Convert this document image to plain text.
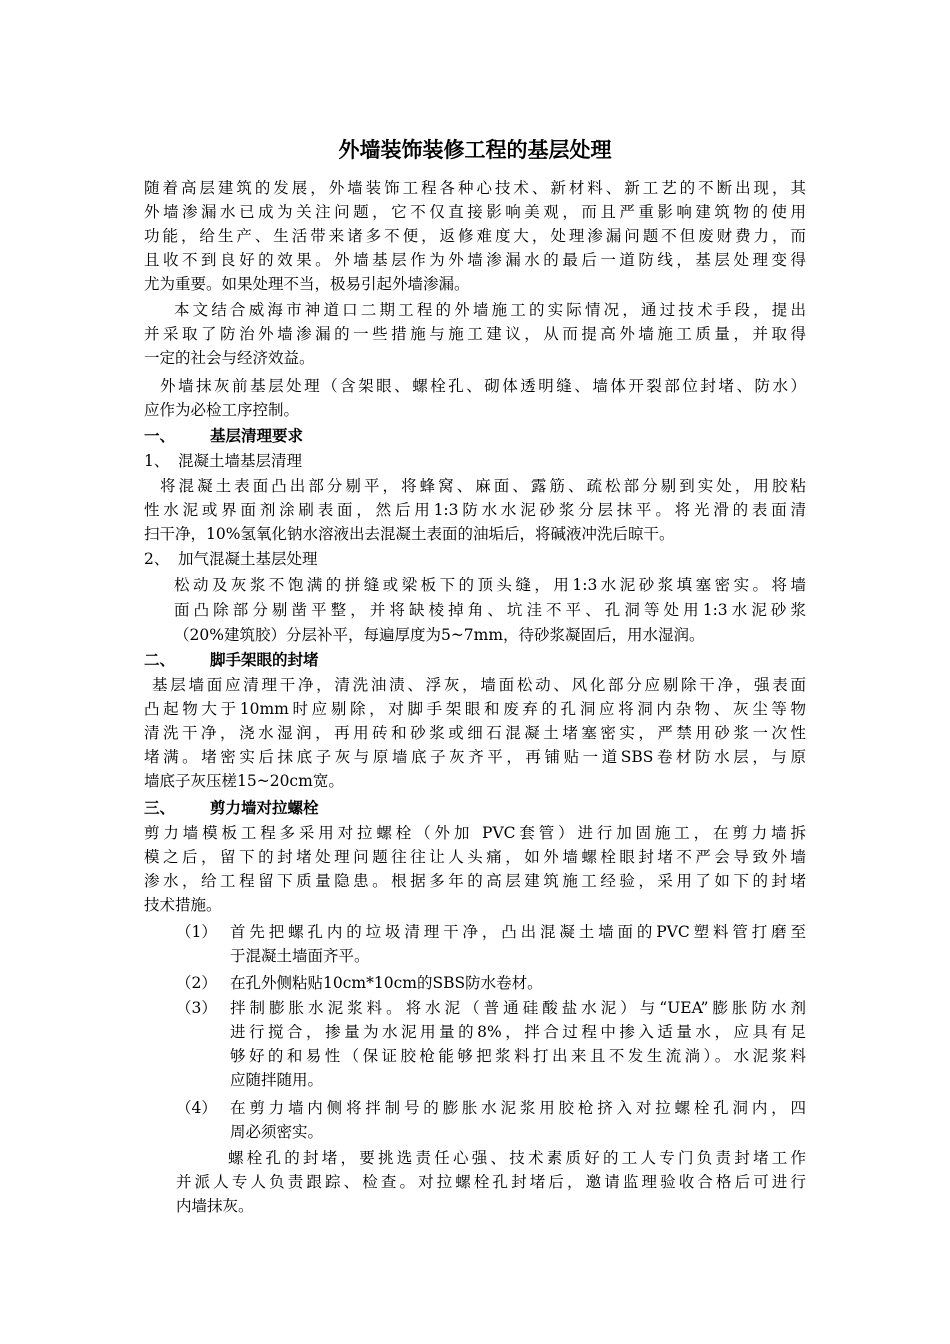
外墙装饰装修工程的基层处理
随着高层建筑的发展，外墙装饰工程各种心技术、新材料、新工艺的不断出现，其
外墙渗漏水已成为关注问题，它不仅直接影响美观，而且严重影响建筑物的使用
功能，给生产、生活带来诸多不便，返修难度大，处理渗漏问题不但废财费力，而
且收不到良好的效果。外墙基层作为外墙渗漏水的最后一道防线，基层处理变得
尤为重要。如果处理不当，极易引起外墙渗漏。
本文结合威海市神道口二期工程的外墙施工的实际情况，通过技术手段，提出
并采取了防治外墙渗漏的一些措施与施工建议，从而提高外墙施工质量，并取得
一定的社会与经济效益。
外墙抹灰前基层处理（含架眼、螺栓孔、砌体透明缝、墙体开裂部位封堵、防水）
应作为必检工序控制。
一、 基层清理要求
1、 混凝土墙基层清理
将混凝土表面凸出部分剔平，将蜂窝、麻面、露筋、疏松部分剔到实处，用胶粘
性水泥或界面剂涂刷表面，然后用1:3防水水泥砂浆分层抹平。将光滑的表面清
扫干净，10%氢氧化钠水溶液出去混凝土表面的油垢后，将碱液冲洗后晾干。
2、 加气混凝土基层处理
松动及灰浆不饱满的拼缝或梁板下的顶头缝，用1:3水泥砂浆填塞密实。将墙
面凸除部分剔凿平整，并将缺棱掉角、坑洼不平、孔洞等处用1:3水泥砂浆
（20%建筑胶）分层补平，每遍厚度为5~7mm，待砂浆凝固后，用水湿润。
二、 脚手架眼的封堵
基层墙面应清理干净，清洗油渍、浮灰，墙面松动、风化部分应剔除干净，强表面
凸起物大于10mm时应剔除，对脚手架眼和废弃的孔洞应将洞内杂物、灰尘等物
清洗干净，浇水湿润，再用砖和砂浆或细石混凝土堵塞密实，严禁用砂浆一次性
堵满。堵密实后抹底子灰与原墙底子灰齐平，再铺贴一道SBS卷材防水层，与原
墙底子灰压槎15~20cm宽。
三、 剪力墙对拉螺栓
剪力墙模板工程多采用对拉螺栓（外加 PVC套管）进行加固施工，在剪力墙拆
模之后，留下的封堵处理问题往往让人头痛，如外墙螺栓眼封堵不严会导致外墙
渗水，给工程留下质量隐患。根据多年的高层建筑施工经验，采用了如下的封堵
技术措施。
（1） 首先把螺孔内的垃圾清理干净，凸出混凝土墙面的PVC塑料管打磨至
于混凝土墙面齐平。
（2） 在孔外侧粘贴10cm*10cm的SBS防水卷材。
（3） 拌制膨胀水泥浆料。将水泥（普通硅酸盐水泥）与“UEA”膨胀防水剂
进行搅合，掺量为水泥用量的8%，拌合过程中掺入适量水，应具有足
够好的和易性（保证胶枪能够把浆料打出来且不发生流淌）。水泥浆料
应随拌随用。
（4） 在剪力墙内侧将拌制号的膨胀水泥浆用胶枪挤入对拉螺栓孔洞内，四
周必须密实。
螺栓孔的封堵，要挑选责任心强、技术素质好的工人专门负责封堵工作
并派人专人负责跟踪、检查。对拉螺栓孔封堵后，邀请监理验收合格后可进行
内墙抹灰。
